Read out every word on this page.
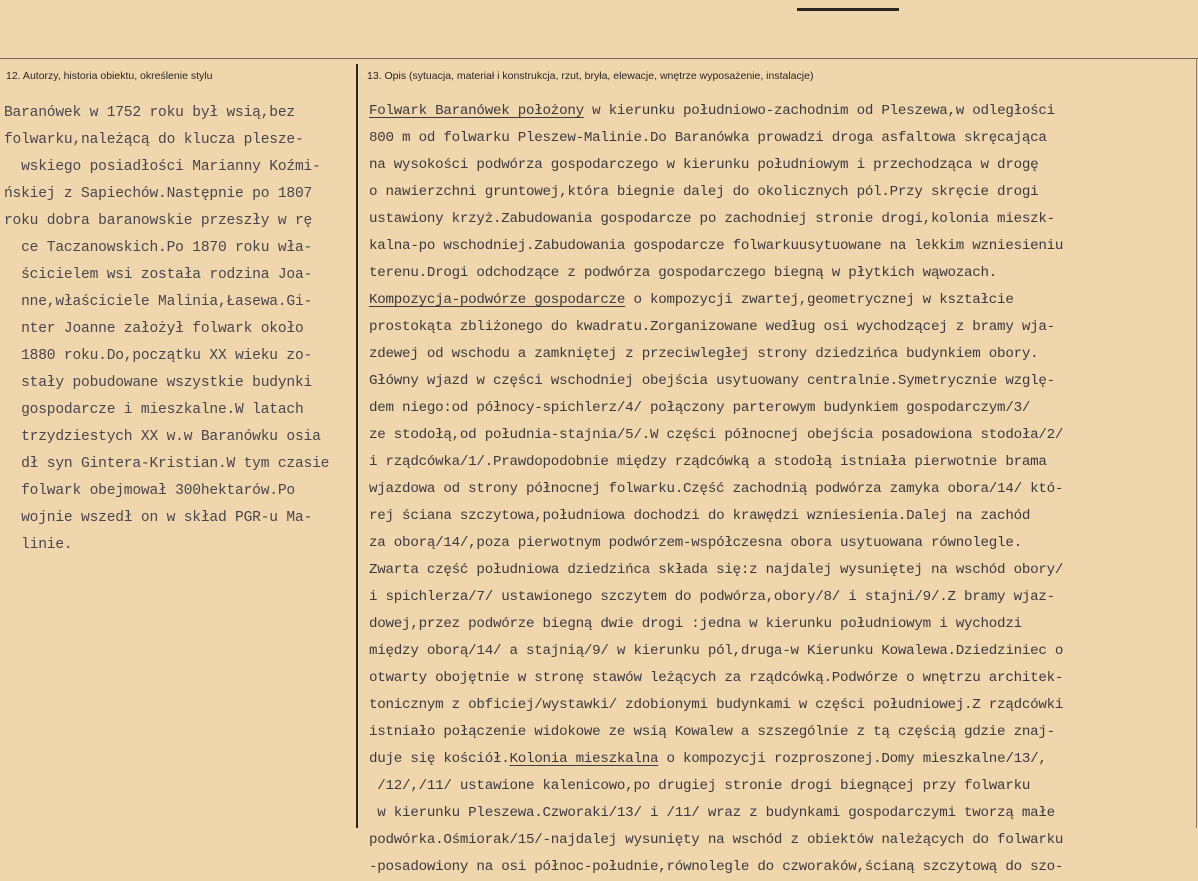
12. Autorzy, historia obiektu, określenie stylu	13. Opis (sytuacja, materiał i konstrukcja, rzut, bryła, elewacje, wnętrze wyposażenie, instalacje)
Baranówek w 1752 roku był wsią,bez
folwarku,należącą do klucza plesze-
wskiego posiadłości Marianny Koźmi-
ńskiej z Sapiechów.Następnie po 1807
roku dobra baranowskie przeszły w rę
ce Taczanowskich.Po 1870 roku wła-
ścicielem wsi została rodzina Joa-
nne,właściciele Malinia,Łasewa.Gi-
nter Joanne założył folwark około
1880 roku.Do,początku XX wieku zo-
stały pobudowane wszystkie budynki
gospodarcze i mieszkalne.W latach
trzydziestych XX w.w Baranówku osia
dł syn Gintera-Kristian.W tym czasie
folwark obejmował 300hektarów.Po
wojnie wszedł on w skład PGR-u Ma-
linie.
Folwark Baranówek położony w kierunku południowo-zachodnim od Pleszewa,w odległości
800 m od folwarku Pleszew-Malinie.Do Baranówka prowadzi droga asfaltowa skręcająca
na wysokości podwórza gospodarczego w kierunku południowym i przechodząca w drogę
o nawierzchni gruntowej,która biegnie dalej do okolicznych pól.Przy skręcie drogi
ustawiony krzyż.Zabudowania gospodarcze po zachodniej stronie drogi,kolonia mieszk-
kalna-po wschodniej.Zabudowania gospodarcze folwarkuusytuowane na lekkim wzniesieniu
terenu.Drogi odchodzące z podwórza gospodarczego biegną w płytkich wąwozach.
Kompozycja-podwórze gospodarcze o kompozycji zwartej,geometrycznej w kształcie
prostokąta zbliżonego do kwadratu.Zorganizowane według osi wychodzącej z bramy wja-
zdewej od wschodu a zamkniętej z przeciwległej strony dziedzińca budynkiem obory.
Główny wjazd w części wschodniej obejścia usytuowany centralnie.Symetrycznie wzglę-
dem niego:od północy-spichlerz/4/ połączony parterowym budynkiem gospodarczym/3/
ze stodołą,od południa-stajnia/5/.W części północnej obejścia posadowiona stodoła/2/
i rządcówka/1/.Prawdopodobnie między rządcówką a stodołą istniała pierwotnie brama
wjazdowa od strony północnej folwarku.Część zachodnią podwórza zamyka obora/14/ któ-
rej ściana szczytowa,południowa dochodzi do krawędzi wzniesienia.Dalej na zachód
za oborą/14/,poza pierwotnym podwórzem-współczesna obora usytuowana równolegle.
Zwarta część południowa dziedzińca składa się:z najdalej wysuniętej na wschód obory/
i spichlerza/7/ ustawionego szczytem do podwórza,obory/8/ i stajni/9/.Z bramy wjaz-
dowej,przez podwórze biegną dwie drogi :jedna w kierunku południowym i wychodzi
między oborą/14/ a stajnią/9/ w kierunku pól,druga-w Kierunku Kowalewa.Dziedziniec o
otwarty obojętnie w stronę stawów leżących za rządcówką.Podwórze o wnętrzu architek-
tonicznym z obficiej/wystawki/ zdobionymi budynkami w części południowej.Z rządcówki
istniało połączenie widokowe ze wsią Kowalew a szszególnie z tą częścią gdzie znaj-
duje się kościół.Kolonia mieszkalna o kompozycji rozproszonej.Domy mieszkalne/13/,
/12/,/11/ ustawione kalenicowo,po drugiej stronie drogi biegnącej przy folwarku
w kierunku Pleszewa.Czworaki/13/ i /11/ wraz z budynkami gospodarczymi tworzą małe
podwórka.Ośmiorak/15/-najdalej wysunięty na wschód z obiektów należących do folwarku
-posadowiony na osi północ-południe,równolegle do czworaków,ścianą szczytową do szo-
